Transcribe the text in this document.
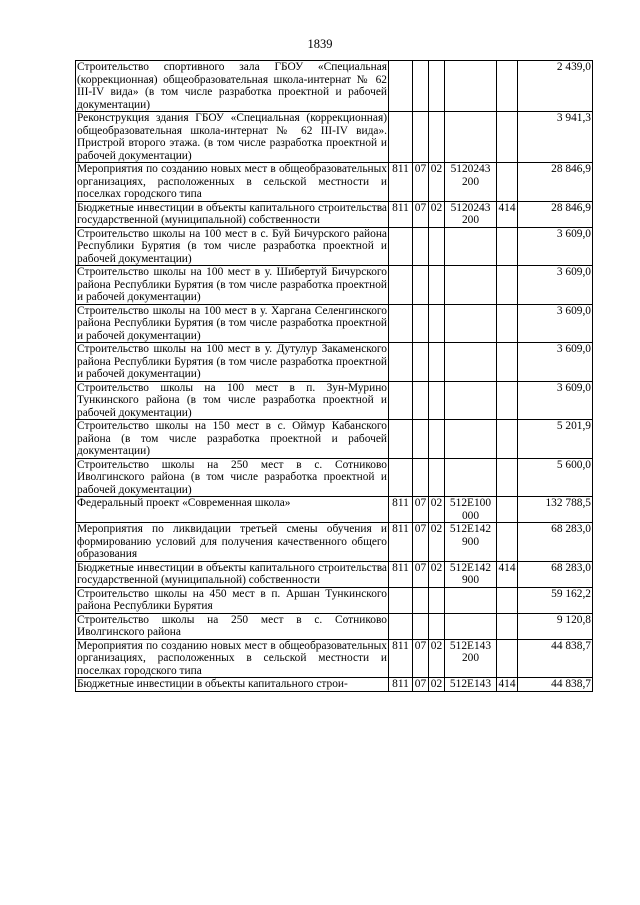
1839
Строительство спортивного зала ГБОУ «Специальная (коррекционная) общеобразовательная школа-интернат № 62 III-IV вида» (в том числе разработка проектной и рабочей документации)						2 439,0
Реконструкция здания ГБОУ «Специальная (коррекционная) общеобразовательная школа-интернат № 62 III-IV вида». Пристрой второго этажа. (в том числе разработка проектной и рабочей документации)						3 941,3
Мероприятия по созданию новых мест в общеобразовательных организациях, расположенных в сельской местности и поселках городского типа	811	07	02	5120243 200		28 846,9
Бюджетные инвестиции в объекты капитального строительства государственной (муниципальной) собственности	811	07	02	5120243 200	414	28 846,9
Строительство школы на 100 мест в с. Буй Бичурского района Республики Бурятия (в том числе разработка проектной и рабочей документации)						3 609,0
Строительство школы на 100 мест в у. Шибертуй Бичурского района Республики Бурятия (в том числе разработка проектной и рабочей документации)						3 609,0
Строительство школы на 100 мест в у. Харгана Селенгинского района Республики Бурятия (в том числе разработка проектной и рабочей документации)						3 609,0
Строительство школы на 100 мест в у. Дутулур Закаменского района Республики Бурятия (в том числе разработка проектной и рабочей документации)						3 609,0
Строительство школы на 100 мест в п. Зун-Мурино Тункинского района (в том числе разработка проектной и рабочей документации)						3 609,0
Строительство школы на 150 мест в с. Оймур Кабанского района (в том числе разработка проектной и рабочей документации)						5 201,9
Строительство школы на 250 мест в с. Сотниково Иволгинского района (в том числе разработка проектной и рабочей документации)						5 600,0
Федеральный проект «Современная школа»	811	07	02	512E100 000		132 788,5
Мероприятия по ликвидации третьей смены обучения и формированию условий для получения качественного общего образования	811	07	02	512E142 900		68 283,0
Бюджетные инвестиции в объекты капитального строительства государственной (муниципальной) собственности	811	07	02	512E142 900	414	68 283,0
Строительство школы на 450 мест в п. Аршан Тункинского района Республики Бурятия						59 162,2
Строительство школы на 250 мест в с. Сотниково Иволгинского района						9 120,8
Мероприятия по созданию новых мест в общеобразовательных организациях, расположенных в сельской местности и поселках городского типа	811	07	02	512E143 200		44 838,7
Бюджетные инвестиции в объекты капитального строи-	811	07	02	512E143	414	44 838,7
